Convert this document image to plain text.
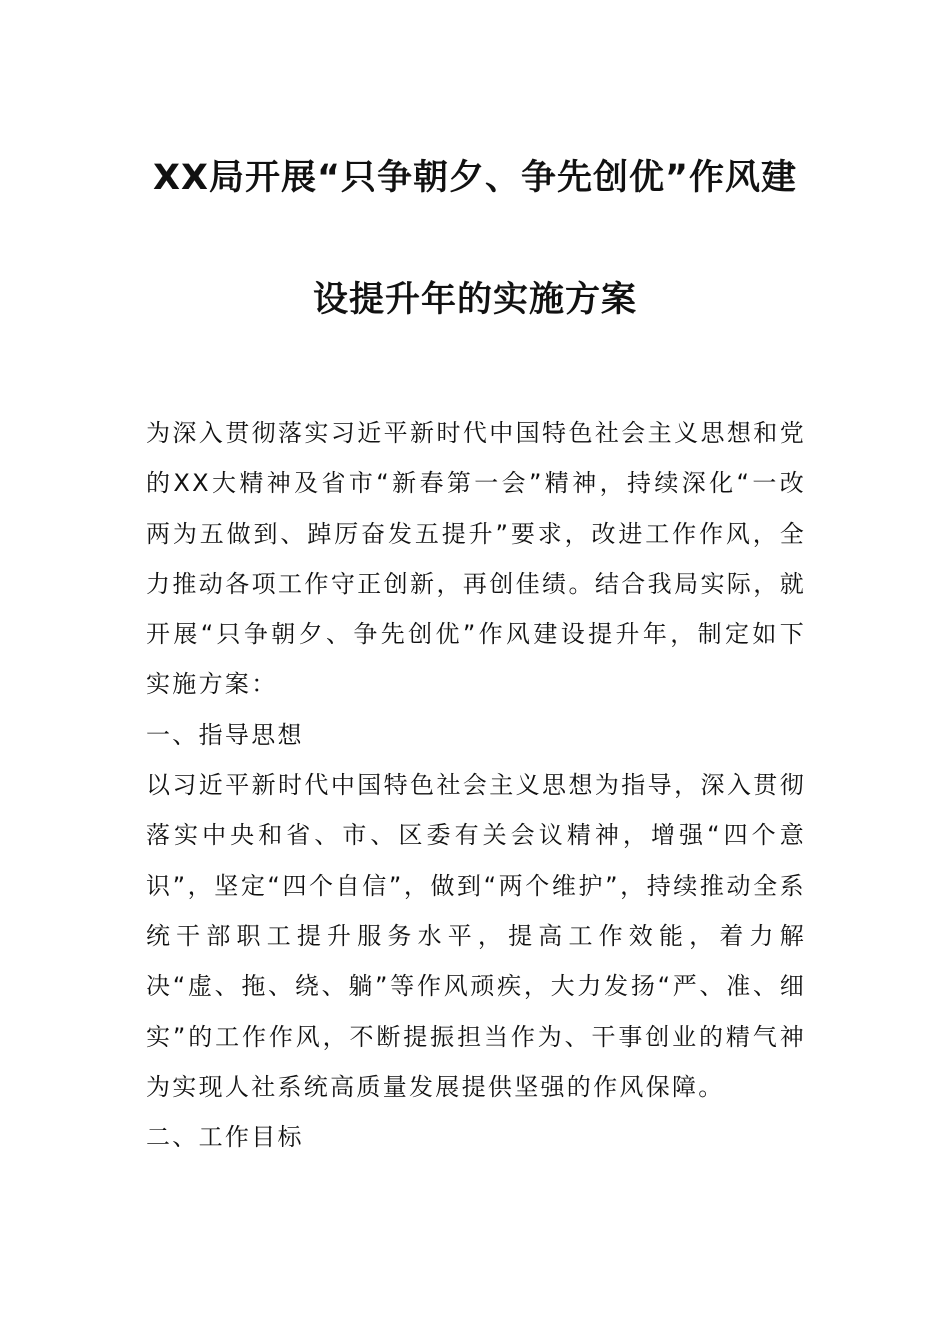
XX局开展“只争朝夕、争先创优”作风建
设提升年的实施方案

为深入贯彻落实习近平新时代中国特色社会主义思想和党的XX大精神及省市“新春第一会”精神，持续深化“一改两为五做到、踔厉奋发五提升”要求，改进工作作风，全力推动各项工作守正创新，再创佳绩。结合我局实际，就开展“只争朝夕、争先创优”作风建设提升年，制定如下实施方案：

一、指导思想

以习近平新时代中国特色社会主义思想为指导，深入贯彻落实中央和省、市、区委有关会议精神，增强“四个意识”，坚定“四个自信”，做到“两个维护”，持续推动全系统干部职工提升服务水平，提高工作效能，着力解决“虚、拖、绕、躺”等作风顽疾，大力发扬“严、准、细实”的工作作风，不断提振担当作为、干事创业的精气神为实现人社系统高质量发展提供坚强的作风保障。

二、工作目标
